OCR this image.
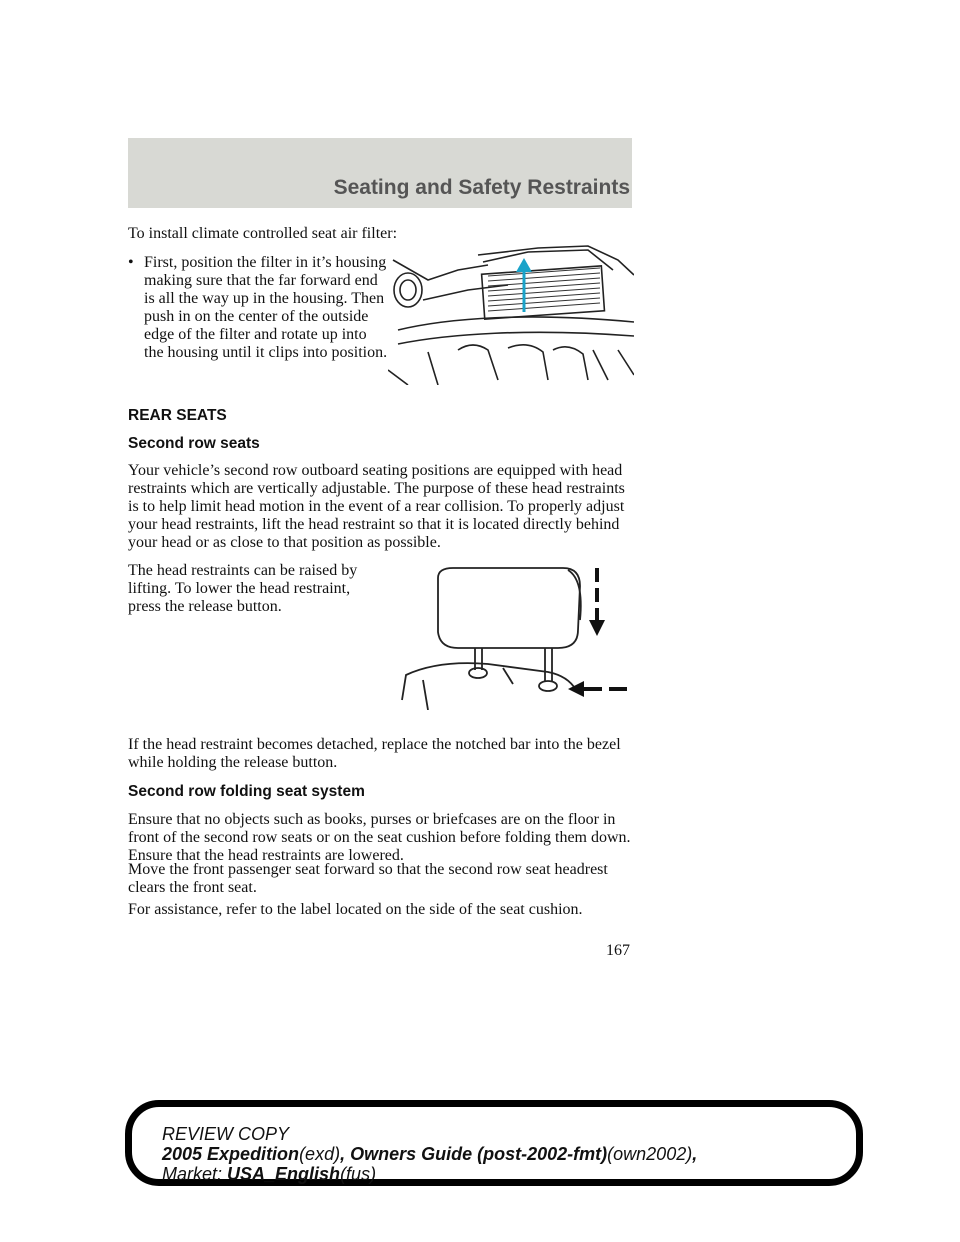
Seating and Safety Restraints

To install climate controlled seat air filter:

• First, position the filter in it’s housing making sure that the far forward end is all the way up in the housing. Then push in on the center of the outside edge of the filter and rotate up into the housing until it clips into position.

REAR SEATS

Second row seats

Your vehicle’s second row outboard seating positions are equipped with head restraints which are vertically adjustable. The purpose of these head restraints is to help limit head motion in the event of a rear collision. To properly adjust your head restraints, lift the head restraint so that it is located directly behind your head or as close to that position as possible.

The head restraints can be raised by lifting. To lower the head restraint, press the release button.

If the head restraint becomes detached, replace the notched bar into the bezel while holding the release button.

Second row folding seat system

Ensure that no objects such as books, purses or briefcases are on the floor in front of the second row seats or on the seat cushion before folding them down. Ensure that the head restraints are lowered.

Move the front passenger seat forward so that the second row seat headrest clears the front seat.

For assistance, refer to the label located on the side of the seat cushion.

167
REVIEW COPY
2005 Expedition(exd), Owners Guide (post-2002-fmt)(own2002),
Market: USA_English(fus)
